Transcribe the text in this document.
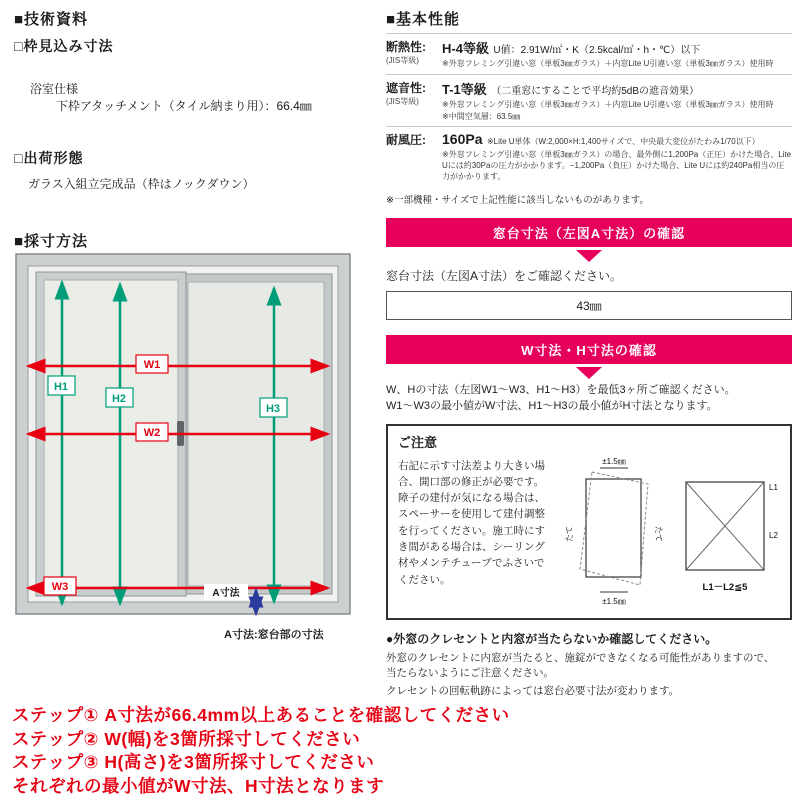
■技術資料
□枠見込み寸法
浴室仕様
下枠アタッチメント（タイル納まり用）：66.4㎜
□出荷形態
ガラス入組立完成品（枠はノックダウン）
■採寸方法
W1
W2
W3
H1
H2
H3
A寸法
A寸法:窓台部の寸法
■基本性能
断熱性:
(JIS等級)
H-4等級 U値：2.91W/㎡・K（2.5kcal/㎡・h・℃）以下
※外窓フレミング引違い窓（単板3㎜ガラス）＋内窓Lite U引違い窓（単板3㎜ガラス）使用時
遮音性:
(JIS等級)
T-1等級 （二重窓にすることで平均約5dBの遮音効果）
※外窓フレミング引違い窓（単板3㎜ガラス）＋内窓Lite U引違い窓（単板3㎜ガラス）使用時
※中間空気層：63.5㎜
耐風圧:	160Pa ※Lite U単体（W:2,000×H:1,400サイズで、中央最大変位がたわみ1/70以下）
※外窓フレミング引違い窓（単板3㎜ガラス）の場合、最外側に1,200Pa（正圧）かけた場合、Lite Uには約30Paの圧力がかかります。−1,200Pa（負圧）かけた場合、Lite Uには約240Pa相当の圧力がかかります。
※一部機種・サイズで上記性能に該当しないものがあります。
窓台寸法（左図A寸法）の確認
窓台寸法（左図A寸法）をご確認ください。
43㎜
W寸法・H寸法の確認
W、Hの寸法（左図W1〜W3、H1〜H3）を最低3ヶ所ご確認ください。
W1〜W3の最小値がW寸法、H1〜H3の最小値がH寸法となります。
ご注意
右記に示す寸法差より大きい場合、開口部の修正が必要です。障子の建付が気になる場合は、スペーサーを使用して建付調整を行ってください。施工時にすき間がある場合は、シーリング材やメンテチューブでふさいでください。
±1.5㎜
±1.5㎜
たて	たて
L1
L2
L1－L2≦5
●外窓のクレセントと内窓が当たらないか確認してください。
外窓のクレセントに内窓が当たると、施錠ができなくなる可能性がありますので、当たらないようにご注意ください。
クレセントの回転軌跡によっては窓台必要寸法が変わります。
ステップ① A寸法が66.4mm以上あることを確認してください
ステップ② W(幅)を3箇所採寸してください
ステップ③ H(高さ)を3箇所採寸してください
それぞれの最小値がW寸法、H寸法となります
